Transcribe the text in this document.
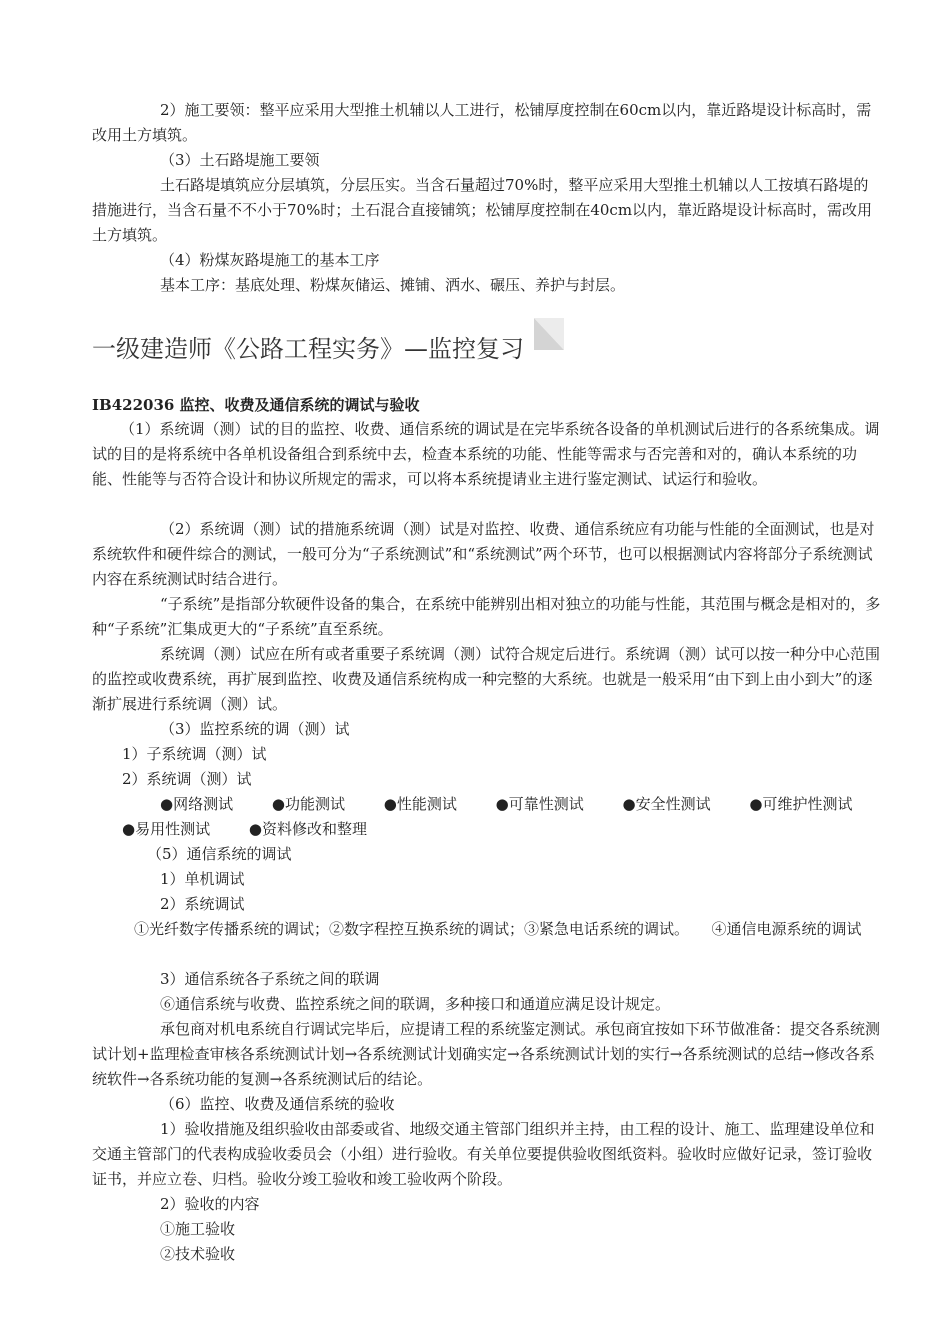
2）施工要领：整平应采用大型推土机辅以人工进行，松铺厚度控制在60cm以内，靠近路堤设计标高时，需改用土方填筑。

（3）土石路堤施工要领

土石路堤填筑应分层填筑，分层压实。当含石量超过70%时，整平应采用大型推土机辅以人工按填石路堤的措施进行，当含石量不不小于70%时；土石混合直接铺筑；松铺厚度控制在40cm以内，靠近路堤设计标高时，需改用土方填筑。

（4）粉煤灰路堤施工的基本工序

基本工序：基底处理、粉煤灰储运、摊铺、洒水、碾压、养护与封层。

一级建造师《公路工程实务》—监控复习
IB422036 监控、收费及通信系统的调试与验收

（1）系统调（测）试的目的监控、收费、通信系统的调试是在完毕系统各设备的单机测试后进行的各系统集成。调试的目的是将系统中各单机设备组合到系统中去，检查本系统的功能、性能等需求与否完善和对的，确认本系统的功能、性能等与否符合设计和协议所规定的需求，可以将本系统提请业主进行鉴定测试、试运行和验收。

（2）系统调（测）试的措施系统调（测）试是对监控、收费、通信系统应有功能与性能的全面测试，也是对系统软件和硬件综合的测试，一般可分为“子系统测试”和“系统测试”两个环节，也可以根据测试内容将部分子系统测试内容在系统测试时结合进行。

“子系统”是指部分软硬件设备的集合，在系统中能辨别出相对独立的功能与性能，其范围与概念是相对的，多种“子系统”汇集成更大的“子系统”直至系统。

系统调（测）试应在所有或者重要子系统调（测）试符合规定后进行。系统调（测）试可以按一种分中心范围的监控或收费系统，再扩展到监控、收费及通信系统构成一种完整的大系统。也就是一般采用“由下到上由小到大”的逐渐扩展进行系统调（测）试。

（3）监控系统的调（测）试

1）子系统调（测）试

2）系统调（测）试

●网络测试	●功能测试	●性能测试	●可靠性测试	●安全性测试	●可维护性测试 ●易用性测试	●资料修改和整理

（5）通信系统的调试

1）单机调试

2）系统调试

①光纤数字传播系统的调试；②数字程控互换系统的调试；③紧急电话系统的调试。　　④通信电源系统的调试

3）通信系统各子系统之间的联调

⑥通信系统与收费、监控系统之间的联调，多种接口和通道应满足设计规定。

承包商对机电系统自行调试完毕后，应提请工程的系统鉴定测试。承包商宜按如下环节做准备：提交各系统测试计划+监理检查审核各系统测试计划→各系统测试计划确实定→各系统测试计划的实行→各系统测试的总结→修改各系统软件→各系统功能的复测→各系统测试后的结论。

（6）监控、收费及通信系统的验收

1）验收措施及组织验收由部委或省、地级交通主管部门组织并主持，由工程的设计、施工、监理建设单位和交通主管部门的代表构成验收委员会（小组）进行验收。有关单位要提供验收图纸资料。验收时应做好记录，签订验收证书，并应立卷、归档。验收分竣工验收和竣工验收两个阶段。

2）验收的内容

①施工验收

②技术验收
